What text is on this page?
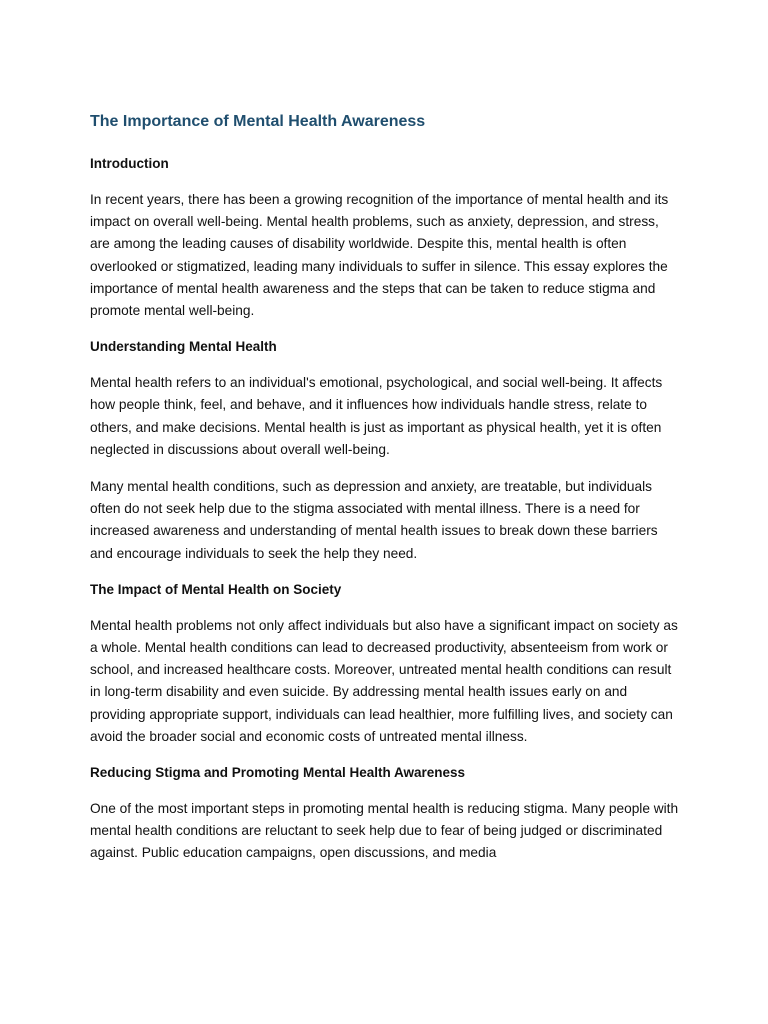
The Importance of Mental Health Awareness
Introduction

In recent years, there has been a growing recognition of the importance of mental health and its impact on overall well-being. Mental health problems, such as anxiety, depression, and stress, are among the leading causes of disability worldwide. Despite this, mental health is often overlooked or stigmatized, leading many individuals to suffer in silence. This essay explores the importance of mental health awareness and the steps that can be taken to reduce stigma and promote mental well-being.

Understanding Mental Health

Mental health refers to an individual's emotional, psychological, and social well-being. It affects how people think, feel, and behave, and it influences how individuals handle stress, relate to others, and make decisions. Mental health is just as important as physical health, yet it is often neglected in discussions about overall well-being.

Many mental health conditions, such as depression and anxiety, are treatable, but individuals often do not seek help due to the stigma associated with mental illness. There is a need for increased awareness and understanding of mental health issues to break down these barriers and encourage individuals to seek the help they need.

The Impact of Mental Health on Society

Mental health problems not only affect individuals but also have a significant impact on society as a whole. Mental health conditions can lead to decreased productivity, absenteeism from work or school, and increased healthcare costs. Moreover, untreated mental health conditions can result in long-term disability and even suicide. By addressing mental health issues early on and providing appropriate support, individuals can lead healthier, more fulfilling lives, and society can avoid the broader social and economic costs of untreated mental illness.

Reducing Stigma and Promoting Mental Health Awareness

One of the most important steps in promoting mental health is reducing stigma. Many people with mental health conditions are reluctant to seek help due to fear of being judged or discriminated against. Public education campaigns, open discussions, and media
